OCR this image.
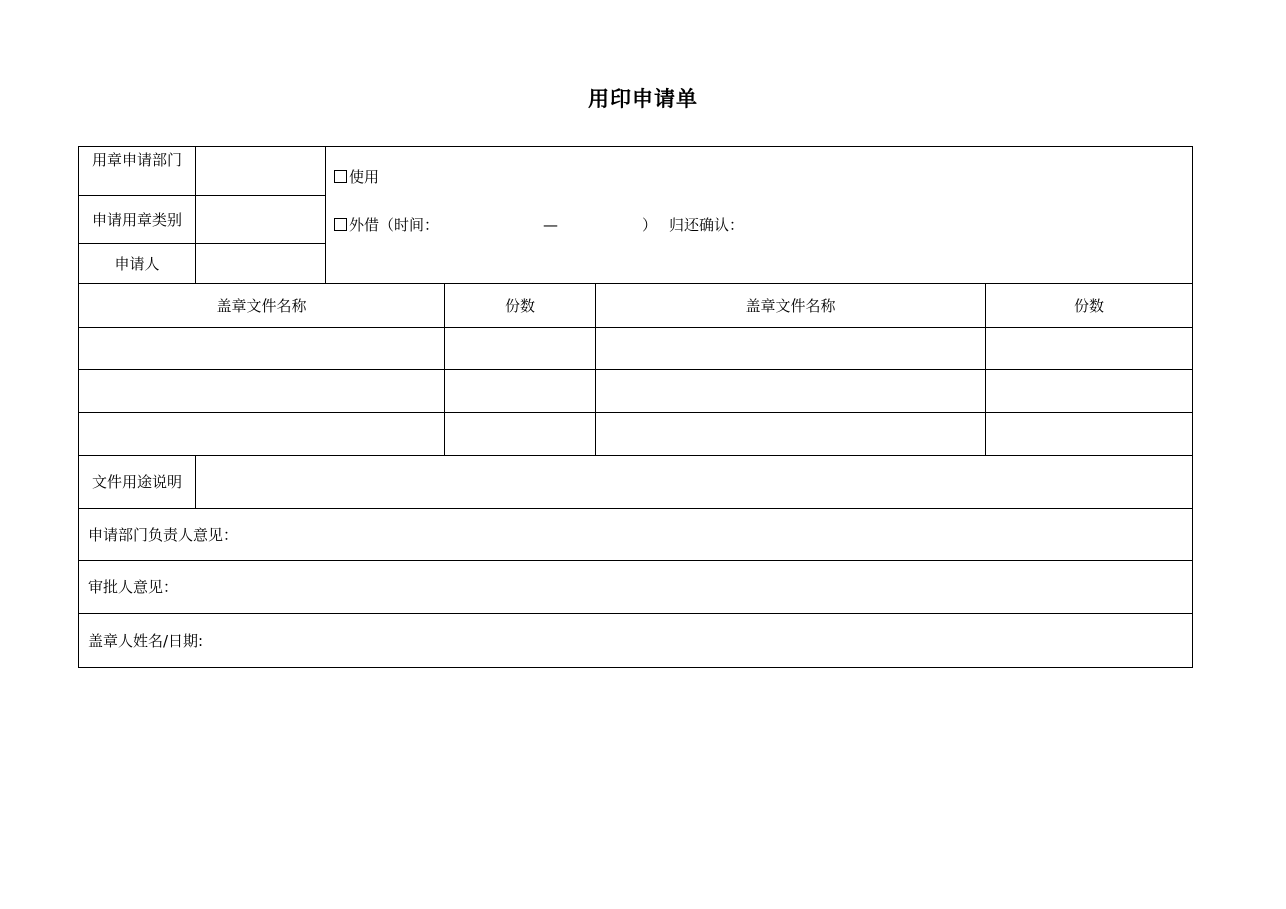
用印申请单
用章申请部门		使用
外借（时间： — ） 归还确认：			

申请用章类别					
申请人					
盖章文件名称			份数	盖章文件名称	份数

文件用途说明					
申请部门负责人意见：					
审批人意见：					
盖章人姓名/日期:					
